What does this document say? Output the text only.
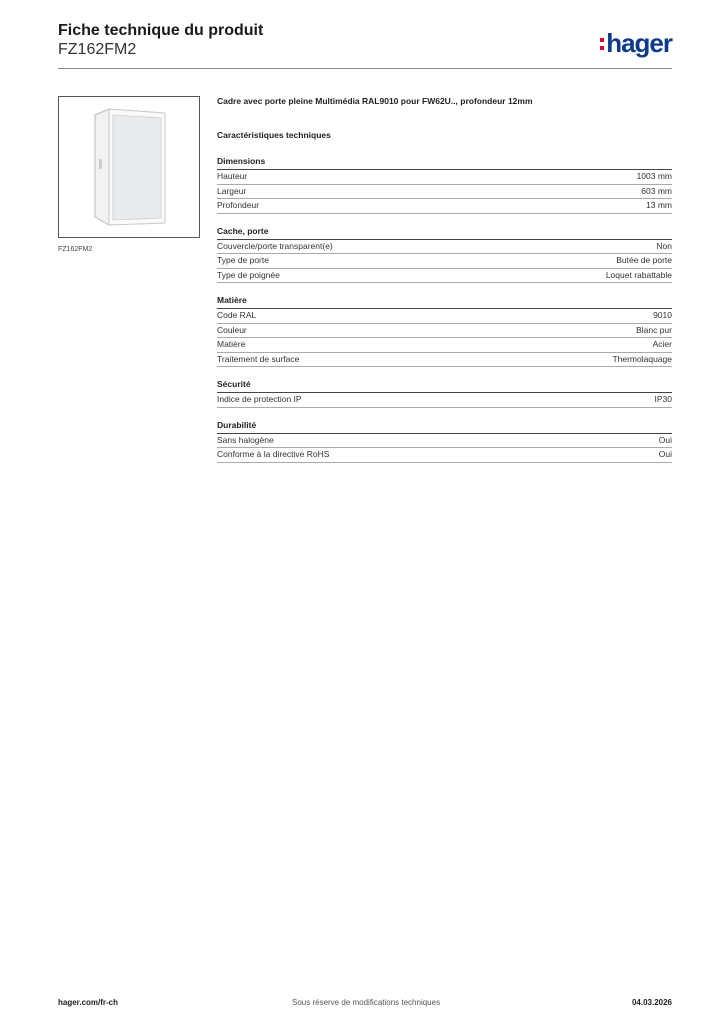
Fiche technique du produit
FZ162FM2	hager
FZ162FM2
Cadre avec porte pleine Multimédia RAL9010 pour FW62U.., profondeur 12mm
Caractéristiques techniques
Dimensions
Hauteur	1003 mm
Largeur	603 mm
Profondeur	13 mm
Cache, porte
Couvercle/porte transparent(e)	Non
Type de porte	Butée de porte
Type de poignée	Loquet rabattable
Matière
Code RAL	9010
Couleur	Blanc pur
Matière	Acier
Traitement de surface	Thermolaquage
Sécurité
Indice de protection IP	IP30
Durabilité
Sans halogène	Oui
Conforme à la directive RoHS	Oui
hager.com/fr-ch	Sous réserve de modifications techniques	04.03.2026
